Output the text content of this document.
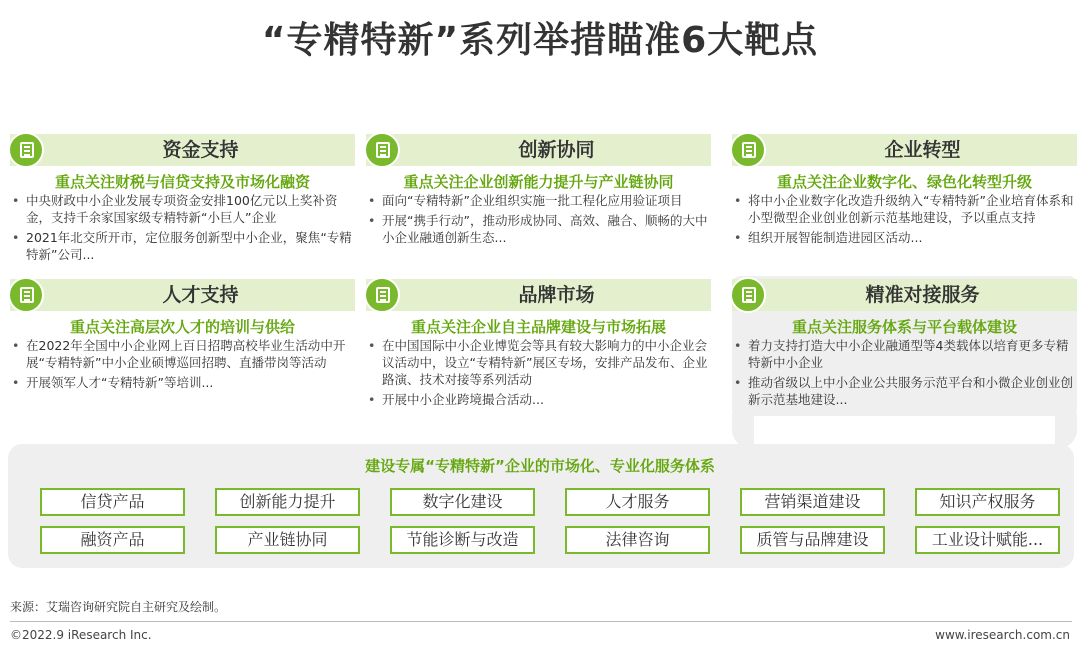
“专精特新”系列举措瞄准6大靶点
资金支持
重点关注财税与信贷支持及市场化融资
• 中央财政中小企业发展专项资金安排100亿元以上奖补资金，支持千余家国家级专精特新“小巨人”企业
• 2021年北交所开市，定位服务创新型中小企业，聚焦“专精特新”公司...
创新协同
重点关注企业创新能力提升与产业链协同
• 面向“专精特新”企业组织实施一批工程化应用验证项目
• 开展“携手行动”，推动形成协同、高效、融合、顺畅的大中小企业融通创新生态...
企业转型
重点关注企业数字化、绿色化转型升级
• 将中小企业数字化改造升级纳入“专精特新”企业培育体系和小型微型企业创业创新示范基地建设，予以重点支持
• 组织开展智能制造进园区活动...
人才支持
重点关注高层次人才的培训与供给
• 在2022年全国中小企业网上百日招聘高校毕业生活动中开展“专精特新”中小企业硕博巡回招聘、直播带岗等活动
• 开展领军人才“专精特新”等培训...
品牌市场
重点关注企业自主品牌建设与市场拓展
• 在中国国际中小企业博览会等具有较大影响力的中小企业会议活动中，设立“专精特新”展区专场，安排产品发布、企业路演、技术对接等系列活动
• 开展中小企业跨境撮合活动...
精准对接服务
重点关注服务体系与平台载体建设
• 着力支持打造大中小企业融通型等4类载体以培育更多专精特新中小企业
• 推动省级以上中小企业公共服务示范平台和小微企业创业创新示范基地建设...
建设专属“专精特新”企业的市场化、专业化服务体系
信贷产品	创新能力提升	数字化建设	人才服务	营销渠道建设	知识产权服务
融资产品	产业链协同	节能诊断与改造	法律咨询	质管与品牌建设	工业设计赋能...
来源：艾瑞咨询研究院自主研究及绘制。
©2022.9 iResearch Inc.	www.iresearch.com.cn
